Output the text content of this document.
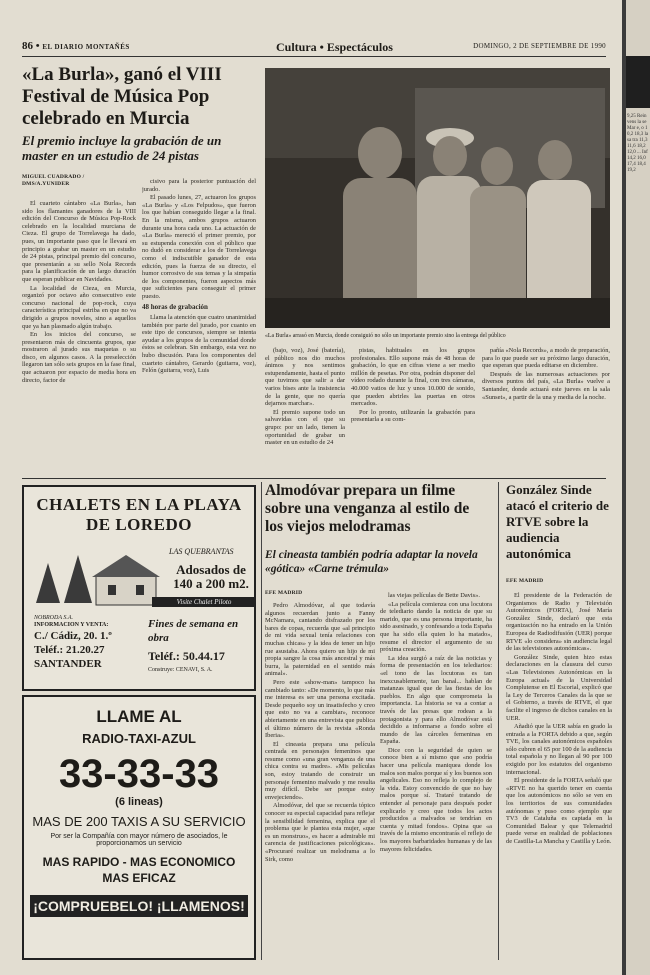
86 • EL DIARIO MONTAÑÉS	Cultura • Espectáculos	DOMINGO, 2 DE SEPTIEMBRE DE 1990
«La Burla», ganó el VIII Festival de Música Pop celebrado en Murcia
El premio incluye la grabación de un master en un estudio de 24 pistas
MIGUEL CUADRADO / DMS/A.YUNIDER

El cuarteto cántabro «La Burla», han sido los flamantes ganadores de la VIII edición del Concurso de Música Pop-Rock celebrado en la localidad murciana de Cieza. El grupo de Torrelavega ha dado, pues, un importante paso que le llevará en principio a grabar un master en un estudio de 24 pistas, principal premio del concurso, que presentarán a su sello Nola Records para la planificación de un largo duración que esperan publicar en Navidades.

La localidad de Cieza, en Murcia, organizó por octavo año consecutivo este concurso nacional de pop-rock, cuya característica principal estriba en que no va dirigido a grupos noveles, sino a aquellos que ya han plasmado algún trabajo.

En los inicios del concurso, se presentaron más de cincuenta grupos, que mostraron al jurado sus maquetas o su disco, en algunos casos. A la preselección llegaron tan sólo seis grupos en la fase final, que actuaron por espacio de media hora en directo, factor de

cisivo para la posterior puntuación del jurado.

El pasado lunes, 27, actuaron los grupos «La Burla» y «Los Felpudos», que fueron los que habían conseguido llegar a la final. En la misma, ambos grupos actuaron durante una hora cada uno. La actuación de «La Burla» mereció el primer premio, por su estupenda conexión con el público que no dudó en considerar a los de Torrelavega como el indiscutible ganador de esta edición, pues la fuerza de su directo, el humor corrosivo de sus temas y la simpatía de los componentes, fueron aspectos más que suficientes para conseguir el primer puesto.

48 horas de grabación

Llama la atención que cuatro unanimidad también por parte del jurado, por cuanto en este tipo de concursos, siempre se intenta ayudar a los grupos de la comunidad donde éstos se celebran. Sin embargo, esta vez no hubo discusión. Para los componentes del cuarteto cántabro, Gerardo (guitarra, voz), Felón (guitarra, voz), Luis

«La Burla» arrasó en Murcia, donde consiguió no sólo un importante premio sino la entrega del público

(bajo, voz), José (batería), el público nos dio muchos ánimos y nos sentimos estupendamente, hasta el punto que tuvimos que salir a dar varios bises ante la insistencia de la gente, que no quería dejarnos marchar».

El premio supone todo un salvavidas con el que su grupo: por un lado, tienen la oportunidad de grabar un master en un estudio de 24

pistas, habituales en los grupos profesionales. Ello supone más de 48 horas de grabación, lo que en cifras viene a ser medio millón de pesetas. Por otra, podrán disponer del vídeo rodado durante la final, con tres cámaras, 40.000 vatios de luz y unos 10.000 de sonido, que pueden abrirles las puertas en otros mercados.

Por lo pronto, utilizarán la grabación para presentarla a su com-

pañía «Nola Records», a modo de preparación, para lo que puede ser su próximo largo duración, que esperan que pueda editarse en diciembre.

Después de las numerosas actuaciones por diversos puntos del país, «La Burla» vuelve a Santander, donde actuará este jueves en la sala «Sunset», a partir de la una y media de la noche.

CHALETS EN LA PLAYA DE LOREDO
LAS QUEBRANTAS
Adosados de 140 a 200 m2.
Visite Chalet Piloto
NOBRODA S.A.
INFORMACION Y VENTA:
C./ Cádiz, 20. 1.º
Teléf.: 21.20.27
SANTANDER
Fines de semana en obra
Teléf.: 50.44.17
Construye: CENAVI, S. A.
LLAME AL
RADIO-TAXI-AZUL
33-33-33
(6 lineas)
MAS DE 200 TAXIS A SU SERVICIO
Por ser la Compañía con mayor número de asociados, le proporcionamos un servicio
MAS RAPIDO - MAS ECONOMICO
MAS EFICAZ
¡COMPRUEBELO! ¡LLAMENOS!
Almodóvar prepara un filme sobre una venganza al estilo de los viejos melodramas
El cineasta también podría adaptar la novela «gótica» «Carne trémula»
EFE MADRID

Pedro Almodóvar, al que todavía algunos recuerdan junto a Fanny McNamara, cantando disfrazado por los bares de copas, recuerda que «al principio de mi vida sexual tenía relaciones con muchas chicas» y la idea de tener un hijo rue asustaba. Ahora quiero un hijo de mi propia sangre la cosa más ancestral y más burra, la paternidad en el sentido más animal».

Pero este «show-man» tampoco ha cambiado tanto: «De momento, lo que más me interesa es ser una persona excitada. Desde pequeño soy un insatisfecho y creo que esto no va a cambiar», reconoce abiertamente en una entrevista que publica el último número de la revista «Ronda Iberia».

El cineasta prepara una película centrada en personajes femeninos que resume como «una gran venganza de una chica contra su madre». «Mis películas son, estoy tratando de construir un personaje femenino malvado y me resulta muy difícil. Debe ser porque estoy envejeciendo».

Almodóvar, del que se recuerda tópico conocer su especial capacidad para reflejar la sensibilidad femenina, explica que el problema que le plantea esta mujer, «que es un monstruo», es hacer a admirable mi carencia de justificaciones psicológicas». «Procuraré realizar un melodrama a lo Sirk, como

las viejas películas de Bette Davis».

«La película comienza con una locutora de telediario dando la noticia de que su marido, que es una persona importante, ha sido asesinado, y confesando a toda España que ha sido ella quien lo ha matado», resume el director el argumento de su próxima creación.

La idea surgió a raíz de las noticias y forma de presentación en los telediarios: «el tono de las locutoras es tan inexcusablemente, tan banal... hablan de matanzas igual que de las fiestas de los pueblos. En algo que comprometa la importancia. La historia se va a contar a través de las presas que rodean a la protagonista y para ello Almodóvar está decidido a informarse a fondo sobre el mundo de las cárceles femeninas en España.

Dice con la seguridad de quien se conoce bien a sí mismo que «no podría hacer una película maniquea donde los malos son malos porque sí y los buenos son angelicales. Eso no refleja lo complejo de la vida. Estoy convencido de que no hay malos porque sí. Trataré tratando de entender al personaje para después poder explicarlo y creo que todos los actos producidos a malvados se tendrían en cuenta y mitad fondos». Opina que «a través de la mismo encontrarás el reflejo de los mayores barbaridades humanas y de las mayores felicidades.

González Sinde atacó el criterio de RTVE sobre la audiencia autonómica
EFE MADRID

El presidente de la Federación de Organismos de Radio y Televisión Autonómicos (FORTA), José María González Sinde, declaró que esta organización no ha entrado en la Unión Europea de Radiodifusión (UER) porque RTVE «lo considera» sin audiencia legal de las televisiones autonómicas».

González Sinde, quien hizo estas declaraciones en la clausura del curso «Las Televisiones Autonómicas en la Europa actual» de la Universidad Complutense en El Escorial, explicó que la Ley de Terceros Canales da la que se el Gobierno, a través de RTVE, el que facilite el ingreso de dichos canales en la UER.

Añadió que la UER sabía en grado la entrada a la FORTA debido a que, según TVE, los canales autonómicos españoles sólo cubren el 65 por 100 de la audiencia total española y no llegan al 90 por 100 exigido por los estatutos del organismo internacional.

El presidente de la FORTA señaló que «RTVE no ha querido tener en cuenta que los autonómicos no sólo se ven en los territorios de sus comunidades autónomas y puso como ejemplo que TV3 de Cataluña es captada en la Comunidad Balear y que Telemadrid puede verse en realidad de poblaciones de Castilla-La Mancha y Castilla y León.

9,25 Rein vens la se Mar e, o 10,2 18,3 la sa tra 11,3 11,6 18,2 12,0 ... Inf 14,2 16,0 17,4 18,4 19,2
